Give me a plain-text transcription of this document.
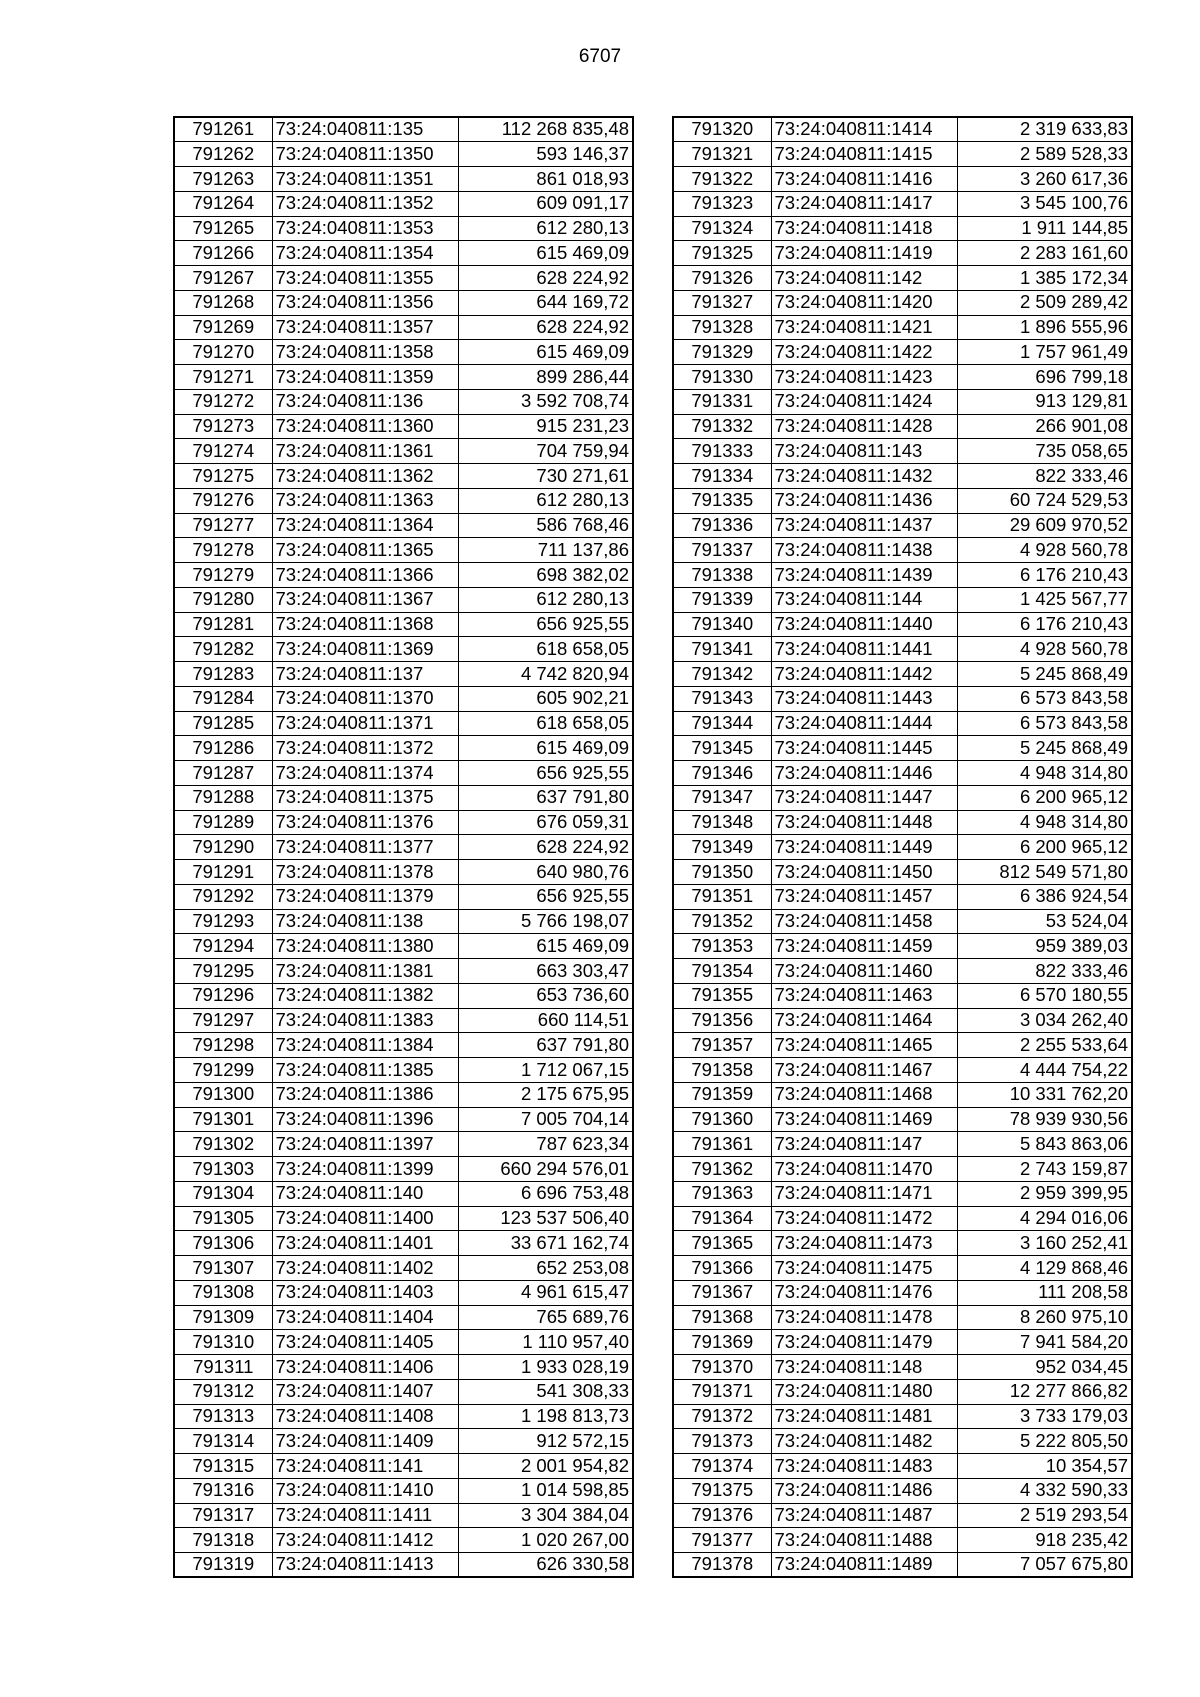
6707
791261	73:24:040811:135	112 268 835,48
791262	73:24:040811:1350	593 146,37
791263	73:24:040811:1351	861 018,93
791264	73:24:040811:1352	609 091,17
791265	73:24:040811:1353	612 280,13
791266	73:24:040811:1354	615 469,09
791267	73:24:040811:1355	628 224,92
791268	73:24:040811:1356	644 169,72
791269	73:24:040811:1357	628 224,92
791270	73:24:040811:1358	615 469,09
791271	73:24:040811:1359	899 286,44
791272	73:24:040811:136	3 592 708,74
791273	73:24:040811:1360	915 231,23
791274	73:24:040811:1361	704 759,94
791275	73:24:040811:1362	730 271,61
791276	73:24:040811:1363	612 280,13
791277	73:24:040811:1364	586 768,46
791278	73:24:040811:1365	711 137,86
791279	73:24:040811:1366	698 382,02
791280	73:24:040811:1367	612 280,13
791281	73:24:040811:1368	656 925,55
791282	73:24:040811:1369	618 658,05
791283	73:24:040811:137	4 742 820,94
791284	73:24:040811:1370	605 902,21
791285	73:24:040811:1371	618 658,05
791286	73:24:040811:1372	615 469,09
791287	73:24:040811:1374	656 925,55
791288	73:24:040811:1375	637 791,80
791289	73:24:040811:1376	676 059,31
791290	73:24:040811:1377	628 224,92
791291	73:24:040811:1378	640 980,76
791292	73:24:040811:1379	656 925,55
791293	73:24:040811:138	5 766 198,07
791294	73:24:040811:1380	615 469,09
791295	73:24:040811:1381	663 303,47
791296	73:24:040811:1382	653 736,60
791297	73:24:040811:1383	660 114,51
791298	73:24:040811:1384	637 791,80
791299	73:24:040811:1385	1 712 067,15
791300	73:24:040811:1386	2 175 675,95
791301	73:24:040811:1396	7 005 704,14
791302	73:24:040811:1397	787 623,34
791303	73:24:040811:1399	660 294 576,01
791304	73:24:040811:140	6 696 753,48
791305	73:24:040811:1400	123 537 506,40
791306	73:24:040811:1401	33 671 162,74
791307	73:24:040811:1402	652 253,08
791308	73:24:040811:1403	4 961 615,47
791309	73:24:040811:1404	765 689,76
791310	73:24:040811:1405	1 110 957,40
791311	73:24:040811:1406	1 933 028,19
791312	73:24:040811:1407	541 308,33
791313	73:24:040811:1408	1 198 813,73
791314	73:24:040811:1409	912 572,15
791315	73:24:040811:141	2 001 954,82
791316	73:24:040811:1410	1 014 598,85
791317	73:24:040811:1411	3 304 384,04
791318	73:24:040811:1412	1 020 267,00
791319	73:24:040811:1413	626 330,58
791320	73:24:040811:1414	2 319 633,83
791321	73:24:040811:1415	2 589 528,33
791322	73:24:040811:1416	3 260 617,36
791323	73:24:040811:1417	3 545 100,76
791324	73:24:040811:1418	1 911 144,85
791325	73:24:040811:1419	2 283 161,60
791326	73:24:040811:142	1 385 172,34
791327	73:24:040811:1420	2 509 289,42
791328	73:24:040811:1421	1 896 555,96
791329	73:24:040811:1422	1 757 961,49
791330	73:24:040811:1423	696 799,18
791331	73:24:040811:1424	913 129,81
791332	73:24:040811:1428	266 901,08
791333	73:24:040811:143	735 058,65
791334	73:24:040811:1432	822 333,46
791335	73:24:040811:1436	60 724 529,53
791336	73:24:040811:1437	29 609 970,52
791337	73:24:040811:1438	4 928 560,78
791338	73:24:040811:1439	6 176 210,43
791339	73:24:040811:144	1 425 567,77
791340	73:24:040811:1440	6 176 210,43
791341	73:24:040811:1441	4 928 560,78
791342	73:24:040811:1442	5 245 868,49
791343	73:24:040811:1443	6 573 843,58
791344	73:24:040811:1444	6 573 843,58
791345	73:24:040811:1445	5 245 868,49
791346	73:24:040811:1446	4 948 314,80
791347	73:24:040811:1447	6 200 965,12
791348	73:24:040811:1448	4 948 314,80
791349	73:24:040811:1449	6 200 965,12
791350	73:24:040811:1450	812 549 571,80
791351	73:24:040811:1457	6 386 924,54
791352	73:24:040811:1458	53 524,04
791353	73:24:040811:1459	959 389,03
791354	73:24:040811:1460	822 333,46
791355	73:24:040811:1463	6 570 180,55
791356	73:24:040811:1464	3 034 262,40
791357	73:24:040811:1465	2 255 533,64
791358	73:24:040811:1467	4 444 754,22
791359	73:24:040811:1468	10 331 762,20
791360	73:24:040811:1469	78 939 930,56
791361	73:24:040811:147	5 843 863,06
791362	73:24:040811:1470	2 743 159,87
791363	73:24:040811:1471	2 959 399,95
791364	73:24:040811:1472	4 294 016,06
791365	73:24:040811:1473	3 160 252,41
791366	73:24:040811:1475	4 129 868,46
791367	73:24:040811:1476	111 208,58
791368	73:24:040811:1478	8 260 975,10
791369	73:24:040811:1479	7 941 584,20
791370	73:24:040811:148	952 034,45
791371	73:24:040811:1480	12 277 866,82
791372	73:24:040811:1481	3 733 179,03
791373	73:24:040811:1482	5 222 805,50
791374	73:24:040811:1483	10 354,57
791375	73:24:040811:1486	4 332 590,33
791376	73:24:040811:1487	2 519 293,54
791377	73:24:040811:1488	918 235,42
791378	73:24:040811:1489	7 057 675,80
